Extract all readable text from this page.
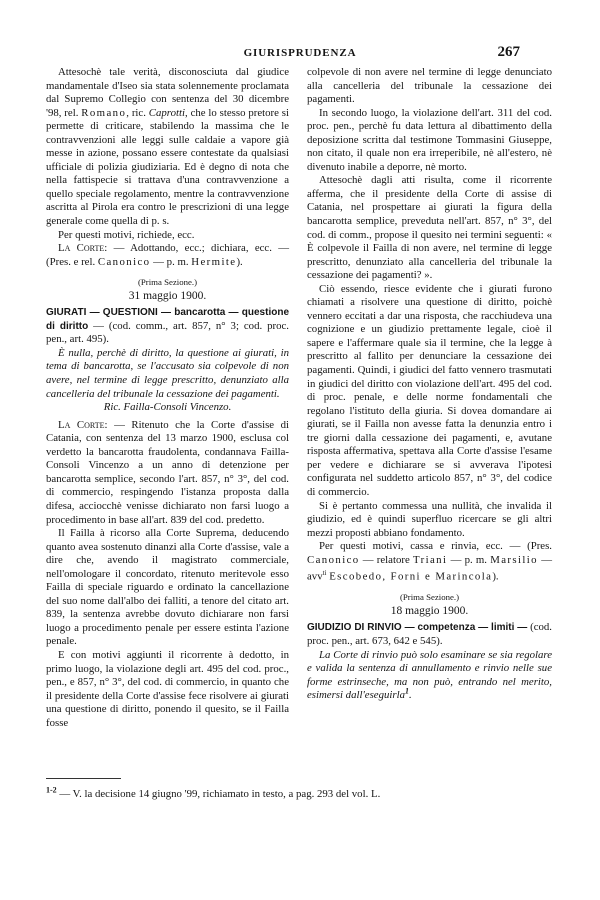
GIURISPRUDENZA	267

Attesochè tale verità, disconosciuta dal giudice mandamentale d'Iseo sia stata solennemente proclamata dal Supremo Collegio con sentenza del 30 dicembre '98, rel. Romano, ric. Caprotti, che lo stesso pretore si permette di criticare, stabilendo la massima che le contravvenzioni alle leggi sulle caldaie a vapore già messe in azione, possano essere contestate da qualsiasi ufficiale di polizia giudiziaria. Ed è degno di nota che nella fattispecie si trattava d'una contravvenzione a quello speciale regolamento, mentre la contravvenzione ascritta al Pirola era contro le prescrizioni di una legge generale come quella di p. s.

Per questi motivi, richiede, ecc.

La Corte: — Adottando, ecc.; dichiara, ecc. — (Pres. e rel. Canonico — p. m. Hermite).

(Prima Sezione.)
31 maggio 1900.

GIURATI — QUESTIONI — bancarotta — questione di diritto — (cod. comm., art. 857, n° 3; cod. proc. pen., art. 495).

È nulla, perchè di diritto, la questione ai giurati, in tema di bancarotta, se l'accusato sia colpevole di non avere, nel termine di legge prescritto, denunziato alla cancelleria del tribunale la cessazione dei pagamenti.

Ric. Failla-Consoli Vincenzo.

La Corte: — Ritenuto che la Corte d'assise di Catania, con sentenza del 13 marzo 1900, esclusa col verdetto la bancarotta fraudolenta, condannava Failla-Consoli Vincenzo a un anno di detenzione per bancarotta semplice, secondo l'art. 857, n° 3°, del cod. di commercio, respingendo l'istanza proposta dalla difesa, acciocchè venisse dichiarato non farsi luogo a procedimento in base all'art. 839 del cod. predetto.

Il Failla à ricorso alla Corte Suprema, deducendo quanto avea sostenuto dinanzi alla Corte d'assise, vale a dire che, avendo il magistrato commerciale, nell'omologare il concordato, ritenuto meritevole esso Failla di speciale riguardo e ordinato la cancellazione del suo nome dall'albo dei falliti, a tenore del citato art. 839, la sentenza avrebbe dovuto dichiarare non farsi luogo a procedimento penale per essere estinta l'azione penale.

E con motivi aggiunti il ricorrente à dedotto, in primo luogo, la violazione degli art. 495 del cod. proc., pen., e 857, n° 3°, del cod. di commercio, in quanto che il presidente della Corte d'assise fece risolvere ai giurati una questione di diritto, ponendo il quesito, se il Failla fosse

colpevole di non avere nel termine di legge denunciato alla cancelleria del tribunale la cessazione dei pagamenti.

In secondo luogo, la violazione dell'art. 311 del cod. proc. pen., perchè fu data lettura al dibattimento della deposizione scritta dal testimone Tommasini Giuseppe, non citato, il quale non era irreperibile, nè all'estero, nè divenuto inabile a deporre, nè morto.

Attesochè dagli atti risulta, come il ricorrente afferma, che il presidente della Corte di assise di Catania, nel prospettare ai giurati la figura della bancarotta semplice, preveduta nell'art. 857, n° 3°, del cod. di comm., propose il quesito nei termini seguenti: « È colpevole il Failla di non avere, nel termine di legge prescritto, denunziato alla cancelleria del tribunale la cessazione dei pagamenti? ».

Ciò essendo, riesce evidente che i giurati furono chiamati a risolvere una questione di diritto, poichè vennero eccitati a dar una risposta, che racchiudeva una cognizione e un giudizio prettamente legale, cioè il sapere e l'affermare quale sia il termine, che la legge à prescritto al fallito per denunciare la cessazione dei pagamenti. Quindi, i giudici del fatto vennero trasmutati in giudici del diritto con violazione dell'art. 495 del cod. di proc. penale, e delle norme fondamentali che regolano l'istituto della giuria. Si dovea domandare ai giurati, se il Failla non avesse fatta la denunzia entro i tre giorni dalla cessazione dei pagamenti, e, avutane risposta affermativa, spettava alla Corte d'assise l'esame per vedere e dichiarare se si avverava l'ipotesi configurata nel suddetto articolo 857, n° 3°, del codice di commercio.

Si è pertanto commessa una nullità, che invalida il giudizio, ed è quindi superfluo ricercare se gli altri mezzi proposti abbiano fondamento.

Per questi motivi, cassa e rinvia, ecc. — (Pres. Canonico — relatore Triani — p. m. Marsilio — avv$^{ti}$ Escobedo, Forni e Marincola).

(Prima Sezione.)
18 maggio 1900.

GIUDIZIO DI RINVIO — competenza — limiti — (cod. proc. pen., art. 673, 642 e 545).

La Corte di rinvio può solo esaminare se sia regolare e valida la sentenza di annullamento e rinvio nelle sue forme estrinseche, ma non può, entrando nel merito, esimersi dall'eseguirla$^1$.

$^{1-2}$ — V. la decisione 14 giugno '99, richiamato in testo, a pag. 293 del vol. L.
